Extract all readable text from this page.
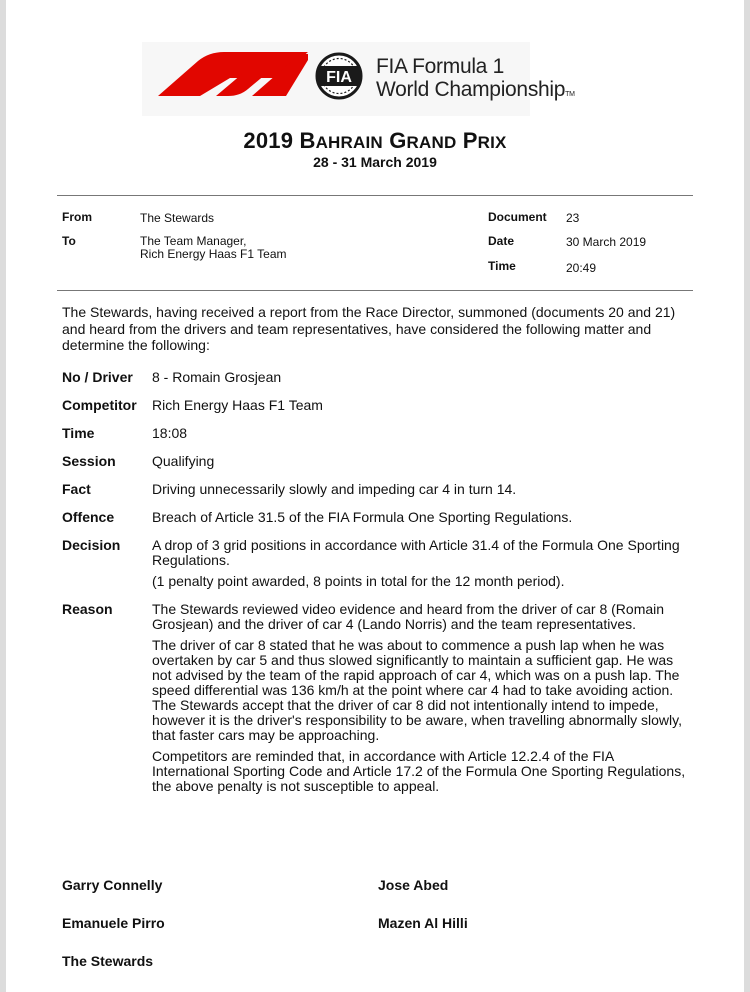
FIA FIA Formula 1
World ChampionshipTM
2019 BAHRAIN GRAND PRIX
28 - 31 March 2019
From	The Stewards
To	The Team Manager,
Rich Energy Haas F1 Team
Document 23
Date	30 March 2019
Time	20:49
The Stewards, having received a report from the Race Director, summoned (documents 20 and 21) and heard from the drivers and team representatives, have considered the following matter and determine the following:
No / Driver 8 - Romain Grosjean
Competitor Rich Energy Haas F1 Team
Time	18:08
Session	Qualifying
Fact	Driving unnecessarily slowly and impeding car 4 in turn 14.
Offence	Breach of Article 31.5 of the FIA Formula One Sporting Regulations.
Decision A drop of 3 grid positions in accordance with Article 31.4 of the Formula One Sporting Regulations.

(1 penalty point awarded, 8 points in total for the 12 month period).

Reason	The Stewards reviewed video evidence and heard from the driver of car 8 (Romain Grosjean) and the driver of car 4 (Lando Norris) and the team representatives.

The driver of car 8 stated that he was about to commence a push lap when he was overtaken by car 5 and thus slowed significantly to maintain a sufficient gap. He was not advised by the team of the rapid approach of car 4, which was on a push lap. The speed differential was 136 km/h at the point where car 4 had to take avoiding action. The Stewards accept that the driver of car 8 did not intentionally intend to impede, however it is the driver's responsibility to be aware, when travelling abnormally slowly, that faster cars may be approaching.

Competitors are reminded that, in accordance with Article 12.2.4 of the FIA International Sporting Code and Article 17.2 of the Formula One Sporting Regulations, the above penalty is not susceptible to appeal.

Garry Connelly	Jose Abed
Emanuele Pirro	Mazen Al Hilli
The Stewards
